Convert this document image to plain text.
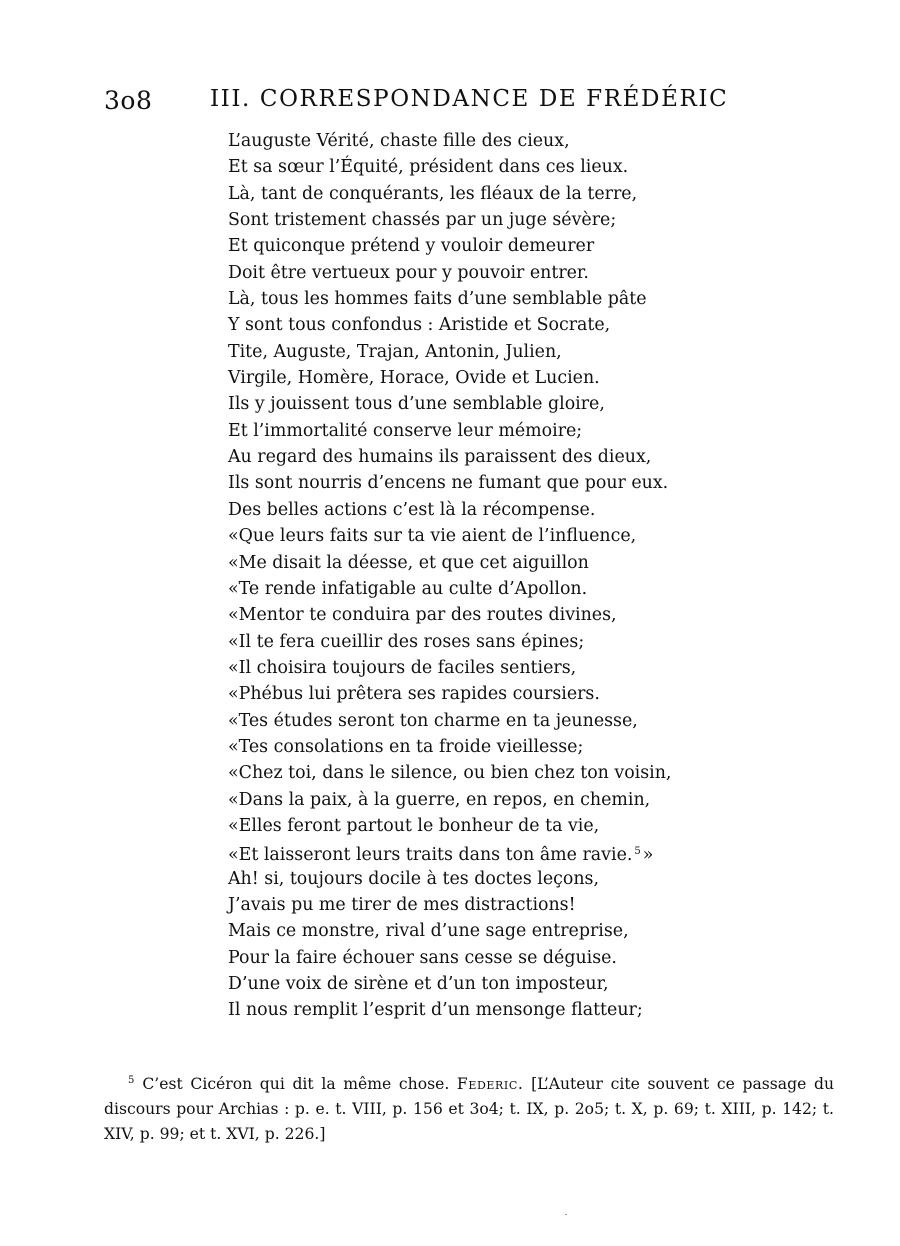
3o8	III. CORRESPONDANCE DE FRÉDÉRIC
L’auguste Vérité, chaste fille des cieux,
Et sa sœur l’Équité, président dans ces lieux.
Là, tant de conquérants, les fléaux de la terre,
Sont tristement chassés par un juge sévère;
Et quiconque prétend y vouloir demeurer
Doit être vertueux pour y pouvoir entrer.
Là, tous les hommes faits d’une semblable pâte
Y sont tous confondus : Aristide et Socrate,
Tite, Auguste, Trajan, Antonin, Julien,
Virgile, Homère, Horace, Ovide et Lucien.
Ils y jouissent tous d’une semblable gloire,
Et l’immortalité conserve leur mémoire;
Au regard des humains ils paraissent des dieux,
Ils sont nourris d’encens ne fumant que pour eux.
Des belles actions c’est là la récompense.
«Que leurs faits sur ta vie aient de l’influence,
«Me disait la déesse, et que cet aiguillon
«Te rende infatigable au culte d’Apollon.
«Mentor te conduira par des routes divines,
«Il te fera cueillir des roses sans épines;
«Il choisira toujours de faciles sentiers,
«Phébus lui prêtera ses rapides coursiers.
«Tes études seront ton charme en ta jeunesse,
«Tes consolations en ta froide vieillesse;
«Chez toi, dans le silence, ou bien chez ton voisin,
«Dans la paix, à la guerre, en repos, en chemin,
«Elles feront partout le bonheur de ta vie,
«Et laisseront leurs traits dans ton âme ravie. $^5$ »
Ah! si, toujours docile à tes doctes leçons,
J’avais pu me tirer de mes distractions!
Mais ce monstre, rival d’une sage entreprise,
Pour la faire échouer sans cesse se déguise.
D’une voix de sirène et d’un ton imposteur,
Il nous remplit l’esprit d’un mensonge flatteur;
$^5$ C’est Cicéron qui dit la même chose. Federic. [L’Auteur cite souvent ce passage du discours pour Archias : p. e. t. VIII, p. 156 et 3o4; t. IX, p. 2o5; t. X, p. 69; t. XIII, p. 142; t. XIV, p. 99; et t. XVI, p. 226.]
